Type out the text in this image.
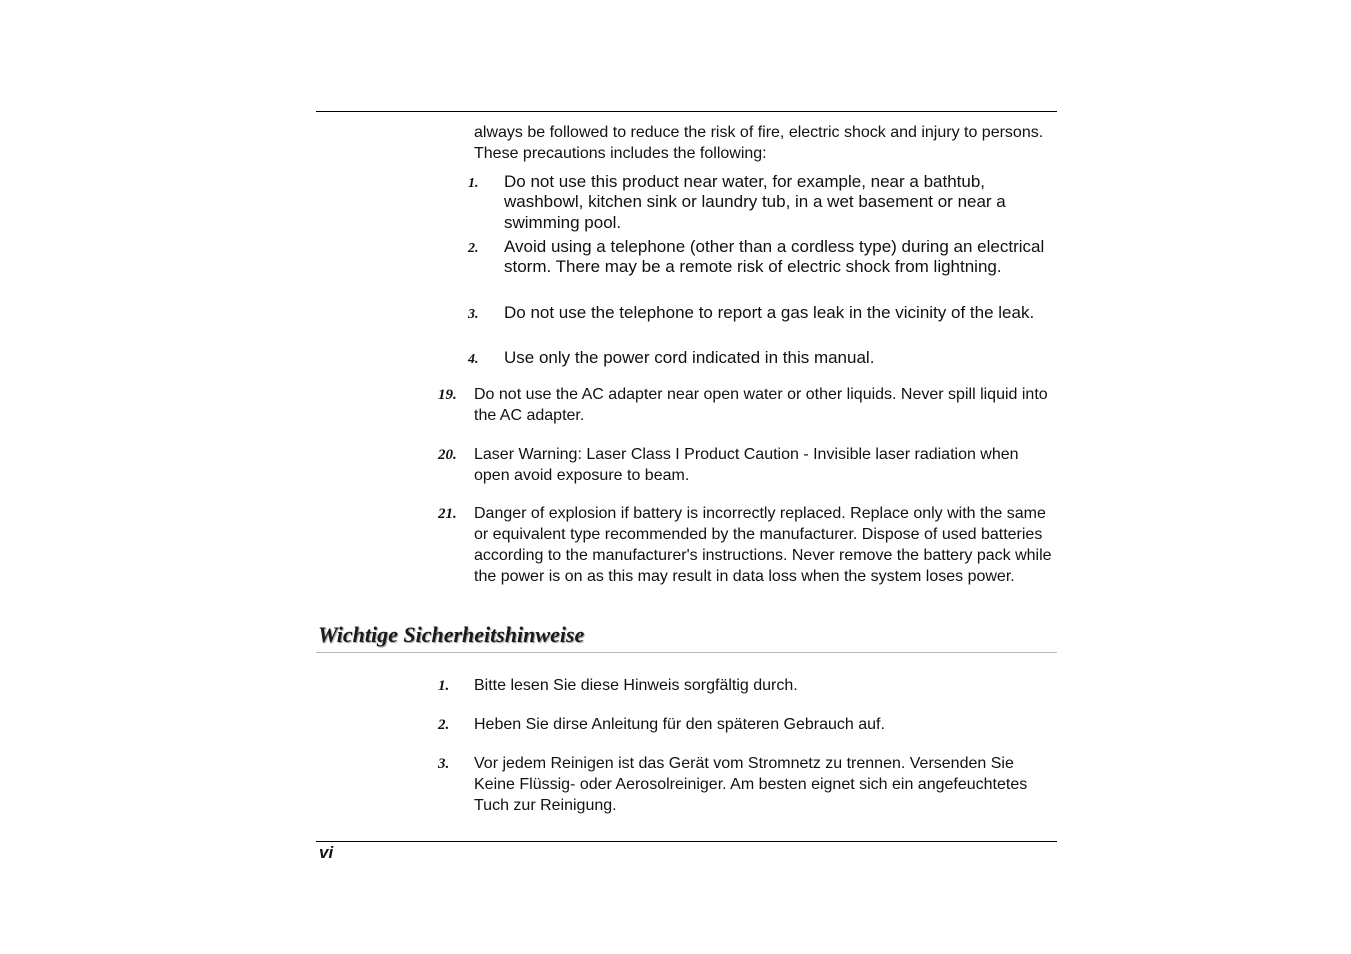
always be followed to reduce the risk of fire, electric shock and injury to persons. These precautions includes the following:

1. Do not use this product near water, for example, near a bathtub, washbowl, kitchen sink or laundry tub, in a wet basement or near a swimming pool.
2. Avoid using a telephone (other than a cordless type) during an electrical storm. There may be a remote risk of electric shock from lightning.
3. Do not use the telephone to report a gas leak in the vicinity of the leak.
4. Use only the power cord indicated in this manual.
19. Do not use the AC adapter near open water or other liquids. Never spill liquid into the AC adapter.
20. Laser Warning: Laser Class I Product Caution - Invisible laser radiation when open avoid exposure to beam.
21. Danger of explosion if battery is incorrectly replaced. Replace only with the same or equivalent type recommended by the manufacturer. Dispose of used batteries according to the manufacturer's instructions. Never remove the battery pack while the power is on as this may result in data loss when the system loses power.
Wichtige Sicherheitshinweise
1. Bitte lesen Sie diese Hinweis sorgfältig durch.
2. Heben Sie dirse Anleitung für den späteren Gebrauch auf.
3. Vor jedem Reinigen ist das Gerät vom Stromnetz zu trennen. Versenden Sie Keine Flüssig- oder Aerosolreiniger. Am besten eignet sich ein angefeuchtetes Tuch zur Reinigung.
vi
